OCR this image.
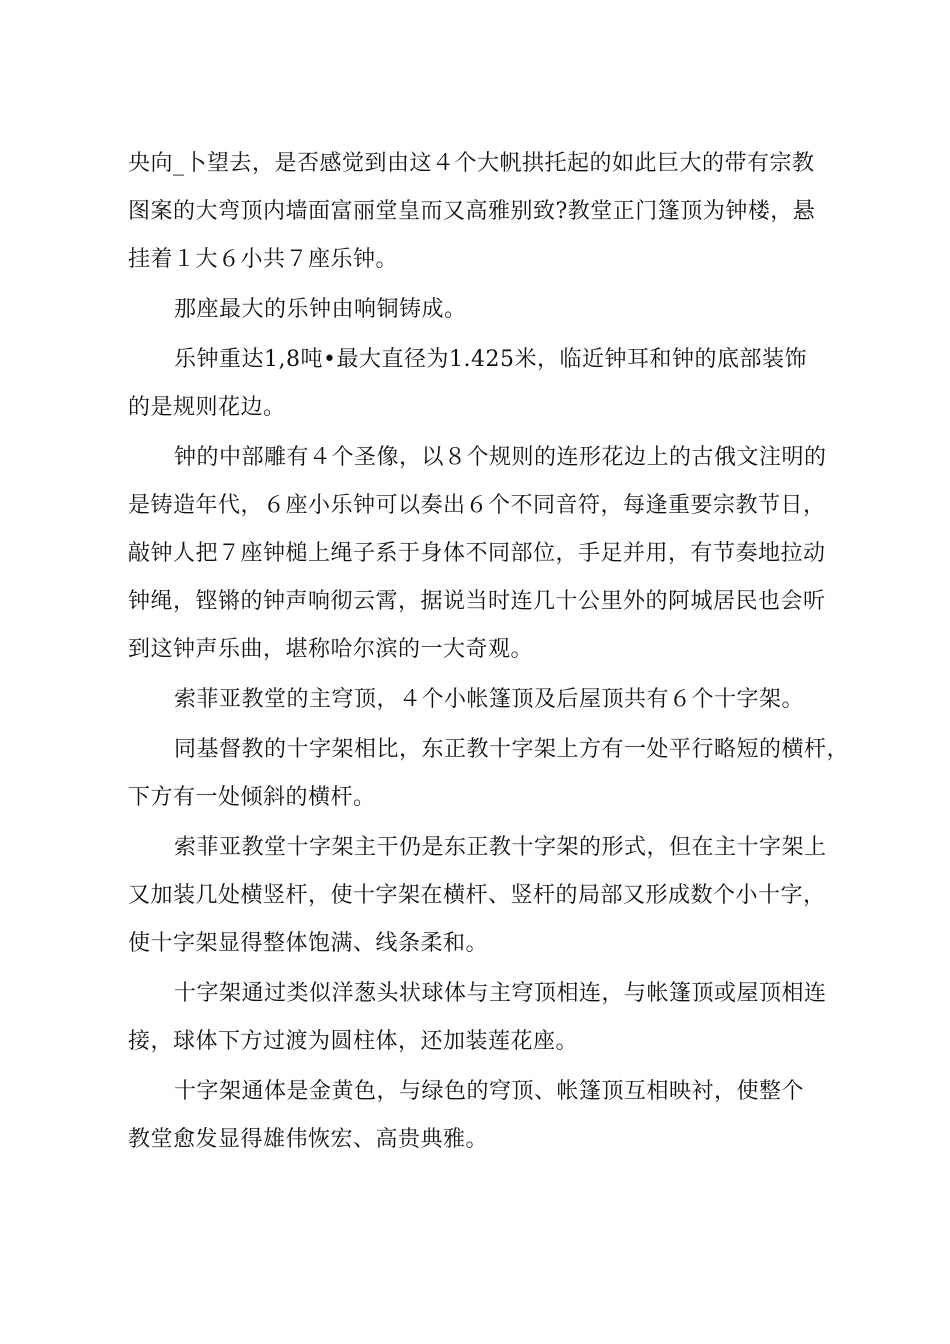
央向_卜望去，是否感觉到由这４个大帆拱托起的如此巨大的带有宗教
图案的大弯顶内墙面富丽堂皇而又高雅别致?教堂正门篷顶为钟楼，悬
挂着１大６小共７座乐钟。

那座最大的乐钟由响铜铸成。

乐钟重达1,8吨•最大直径为1.425米，临近钟耳和钟的底部装饰
的是规则花边。

钟的中部雕有４个圣像，以８个规则的连形花边上的古俄文注明的
是铸造年代，６座小乐钟可以奏出６个不同音符，每逢重要宗教节日，
敲钟人把７座钟槌上绳子系于身体不同部位，手足并用，有节奏地拉动
钟绳，铿锵的钟声响彻云霄，据说当时连几十公里外的阿城居民也会听
到这钟声乐曲，堪称哈尔滨的一大奇观。

索菲亚教堂的主穹顶，４个小帐篷顶及后屋顶共有６个十字架。

同基督教的十字架相比，东正教十字架上方有一处平行略短的横杆，
下方有一处倾斜的横杆。

索菲亚教堂十字架主干仍是东正教十字架的形式，但在主十字架上
又加装几处横竖杆，使十字架在横杆、竖杆的局部又形成数个小十字，
使十字架显得整体饱满、线条柔和。

十字架通过类似洋葱头状球体与主穹顶相连，与帐篷顶或屋顶相连
接，球体下方过渡为圆柱体，还加装莲花座。

十字架通体是金黄色，与绿色的穹顶、帐篷顶互相映衬，使整个
教堂愈发显得雄伟恢宏、高贵典雅。
